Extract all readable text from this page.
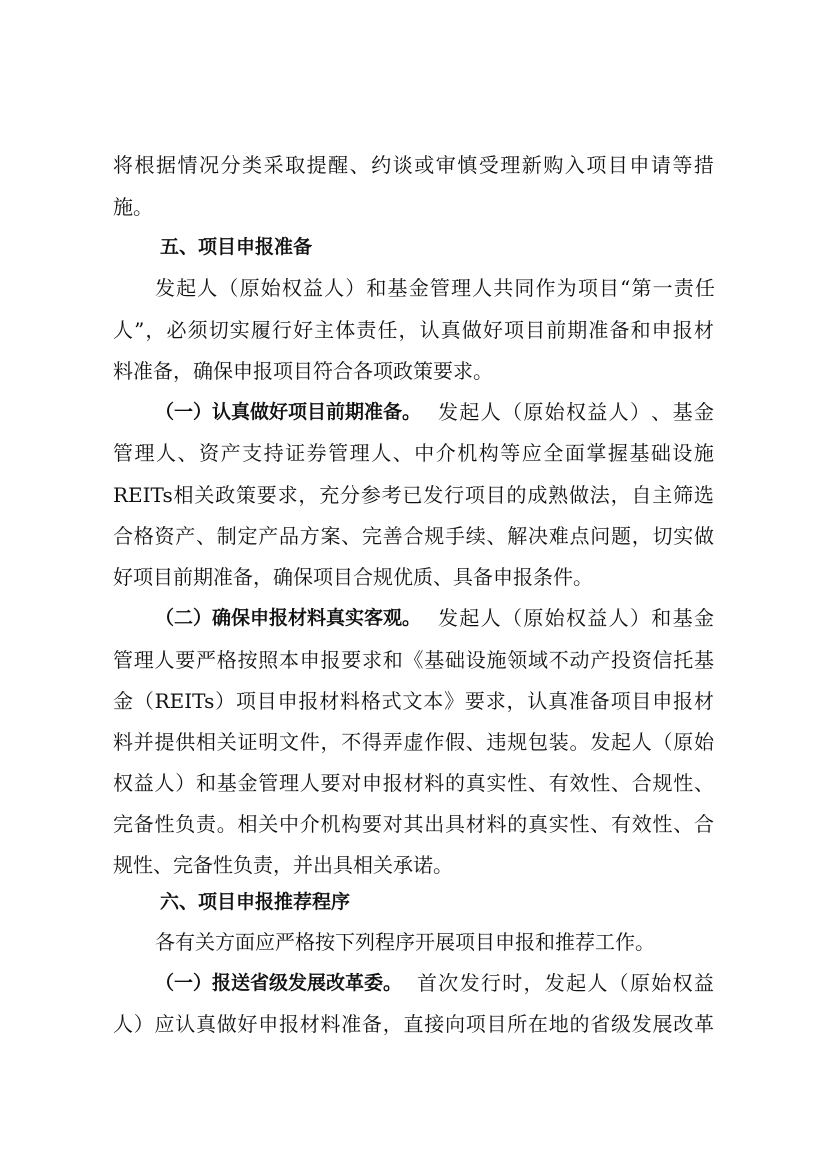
将 根 据 情 况 分 类 采 取 提 醒 、 约 谈 或 审 慎 受 理 新 购 入 项 目 申 请 等 措
施。
五、项目申报准备
发 起 人 （ 原 始 权 益 人 ） 和 基 金 管 理 人 共 同 作 为 项 目 “ 第 一 责 任
人 ” ， 必 须 切 实 履 行 好 主 体 责 任 ， 认 真 做 好 项 目 前 期 准 备 和 申 报 材
料准备，确保申报项目符合各项政策要求。
（一）认真做好项目前期准备。 发 起 人 （ 原 始 权 益 人 ） 、 基 金
管 理 人 、 资 产 支 持 证 券 管 理 人 、 中 介 机 构 等 应 全 面 掌 握 基 础 设 施
REITs 相 关 政 策 要 求 ， 充 分 参 考 已 发 行 项 目 的 成 熟 做 法 ， 自 主 筛 选
合 格 资 产 、 制 定 产 品 方 案 、 完 善 合 规 手 续 、 解 决 难 点 问 题 ， 切 实 做
好项目前期准备，确保项目合规优质、具备申报条件。
（二）确保申报材料真实客观。 发 起 人 （ 原 始 权 益 人 ） 和 基 金
管 理 人 要 严 格 按 照 本 申 报 要 求 和 《 基 础 设 施 领 域 不 动 产 投 资 信 托 基
金 （ REITs ） 项 目 申 报 材 料 格 式 文 本 》 要 求 ， 认 真 准 备 项 目 申 报 材
料 并 提 供 相 关 证 明 文 件 ， 不 得 弄 虚 作 假 、 违 规 包 装 。 发 起 人 （ 原 始
权 益 人 ） 和 基 金 管 理 人 要 对 申 报 材 料 的 真 实 性 、 有 效 性 、 合 规 性 、
完 备 性 负 责 。 相 关 中 介 机 构 要 对 其 出 具 材 料 的 真 实 性 、 有 效 性 、 合
规性、完备性负责，并出具相关承诺。
六、项目申报推荐程序
各有关方面应严格按下列程序开展项目申报和推荐工作。
（一）报送省级发展改革委。 首 次 发 行 时 ， 发 起 人 （ 原 始 权 益
人 ） 应 认 真 做 好 申 报 材 料 准 备 ， 直 接 向 项 目 所 在 地 的 省 级 发 展 改 革
